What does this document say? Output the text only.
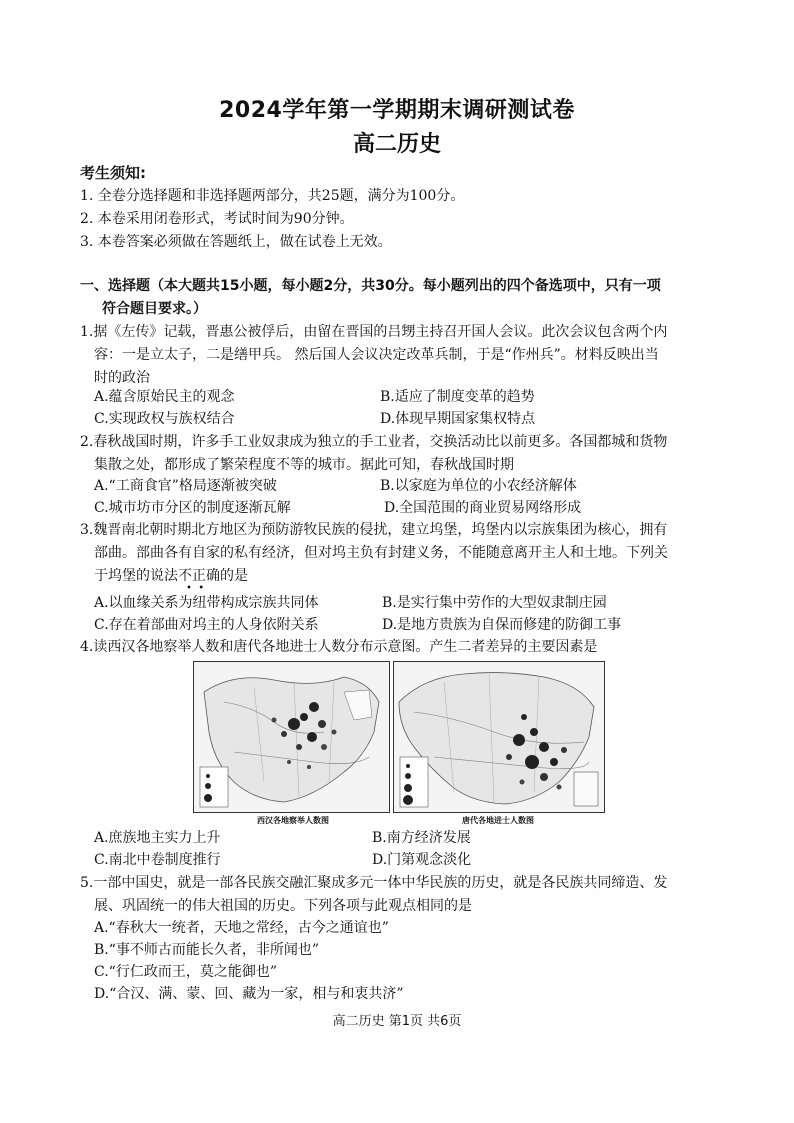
2024学年第一学期期末调研测试卷
高二历史
考生须知:
1. 全卷分选择题和非选择题两部分，共25题，满分为100分。
2. 本卷采用闭卷形式，考试时间为90分钟。
3. 本卷答案必须做在答题纸上，做在试卷上无效。
一、选择题（本大题共15小题，每小题2分，共30分。每小题列出的四个备选项中，只有一项
符合题目要求。）
1.据《左传》记载，晋惠公被俘后，由留在晋国的吕甥主持召开国人会议。此次会议包含两个内
容：一是立太子，二是缮甲兵。 然后国人会议决定改革兵制，于是“作州兵”。材料反映出当
时的政治
A.蕴含原始民主的观念	B.适应了制度变革的趋势
C.实现政权与族权结合	D.体现早期国家集权特点
2.春秋战国时期，许多手工业奴隶成为独立的手工业者，交换活动比以前更多。各国都城和货物
集散之处，都形成了繁荣程度不等的城市。据此可知，春秋战国时期
A.“工商食官”格局逐渐被突破	B.以家庭为单位的小农经济解体
C.城市坊市分区的制度逐渐瓦解	D.全国范围的商业贸易网络形成
3.魏晋南北朝时期北方地区为预防游牧民族的侵扰，建立坞堡，坞堡内以宗族集团为核心，拥有
部曲。部曲各有自家的私有经济，但对坞主负有封建义务，不能随意离开主人和土地。下列关
于坞堡的说法不正确的是
•  •
A.以血缘关系为纽带构成宗族共同体	B.是实行集中劳作的大型奴隶制庄园
C.存在着部曲对坞主的人身依附关系	D.是地方贵族为自保而修建的防御工事
4.读西汉各地察举人数和唐代各地进士人数分布示意图。产生二者差异的主要因素是
西汉各地察举人数图	唐代各地进士人数图
A.庶族地主实力上升	B.南方经济发展
C.南北中卷制度推行	D.门第观念淡化
5.一部中国史，就是一部各民族交融汇聚成多元一体中华民族的历史，就是各民族共同缔造、发
展、巩固统一的伟大祖国的历史。下列各项与此观点相同的是
A.“春秋大一统者，天地之常经，古今之通谊也”
B.“事不师古而能长久者，非所闻也”
C.“行仁政而王，莫之能御也”
D.“合汉、满、蒙、回、藏为一家，相与和衷共济”
高二历史 第1页 共6页
